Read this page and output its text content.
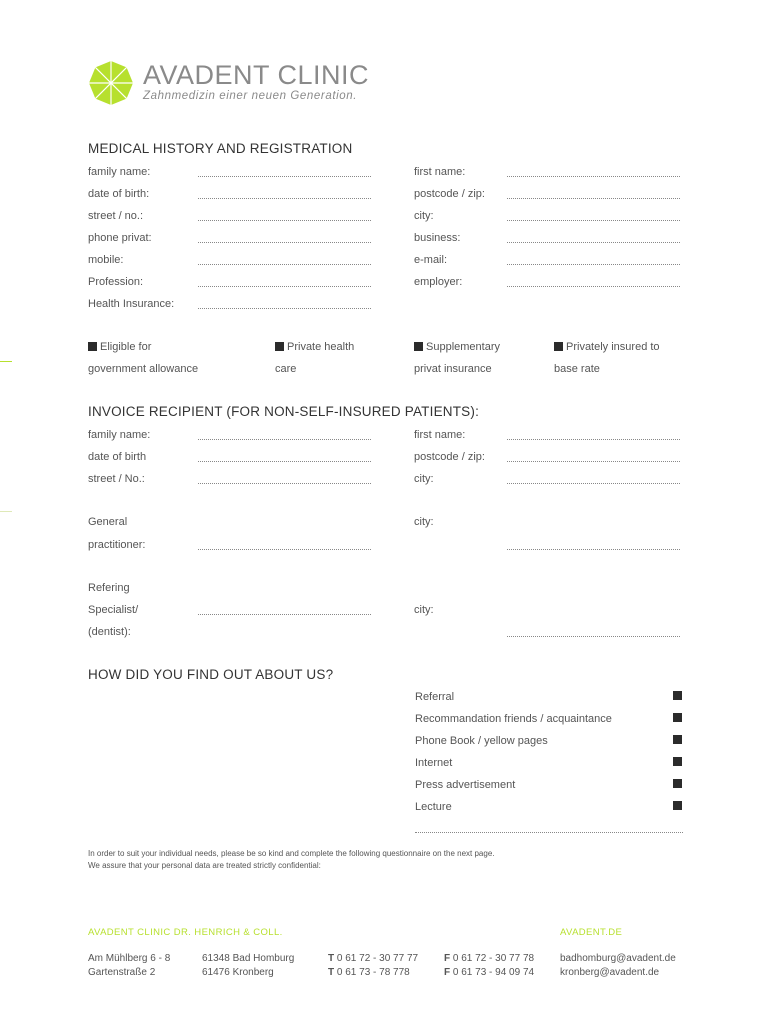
AVADENT CLINIC
Zahnmedizin einer neuen Generation.
MEDICAL HISTORY AND REGISTRATION
family name:
date of birth:
street / no.:
phone privat:
mobile:
Profession:
Health Insurance:
first name:
postcode / zip:
city:
business:
e-mail:
employer:
Eligible for
government allowance
Private health
care
Supplementary
privat insurance
Privately insured to
base rate
INVOICE RECIPIENT (FOR NON-SELF-INSURED PATIENTS):
family name:
date of birth
street / No.:
first name:
postcode / zip:
city:
General
practitioner:
city:
Refering
Specialist/
(dentist):
city:
HOW DID YOU FIND OUT ABOUT US?
Referral
Recommandation friends / acquaintance
Phone Book / yellow pages
Internet
Press advertisement
Lecture
In order to suit your individual needs, please be so kind and complete the following questionnaire on the next page.
We assure that your personal data are treated strictly confidential:
AVADENT CLINIC DR. HENRICH & COLL.	AVADENT.DE
Am Mühlberg 6 - 8
Gartenstraße 2
61348 Bad Homburg
61476 Kronberg
T 0 61 72 - 30 77 77
T 0 61 73 - 78 778
F 0 61 72 - 30 77 78
F 0 61 73 - 94 09 74
badhomburg@avadent.de
kronberg@avadent.de
